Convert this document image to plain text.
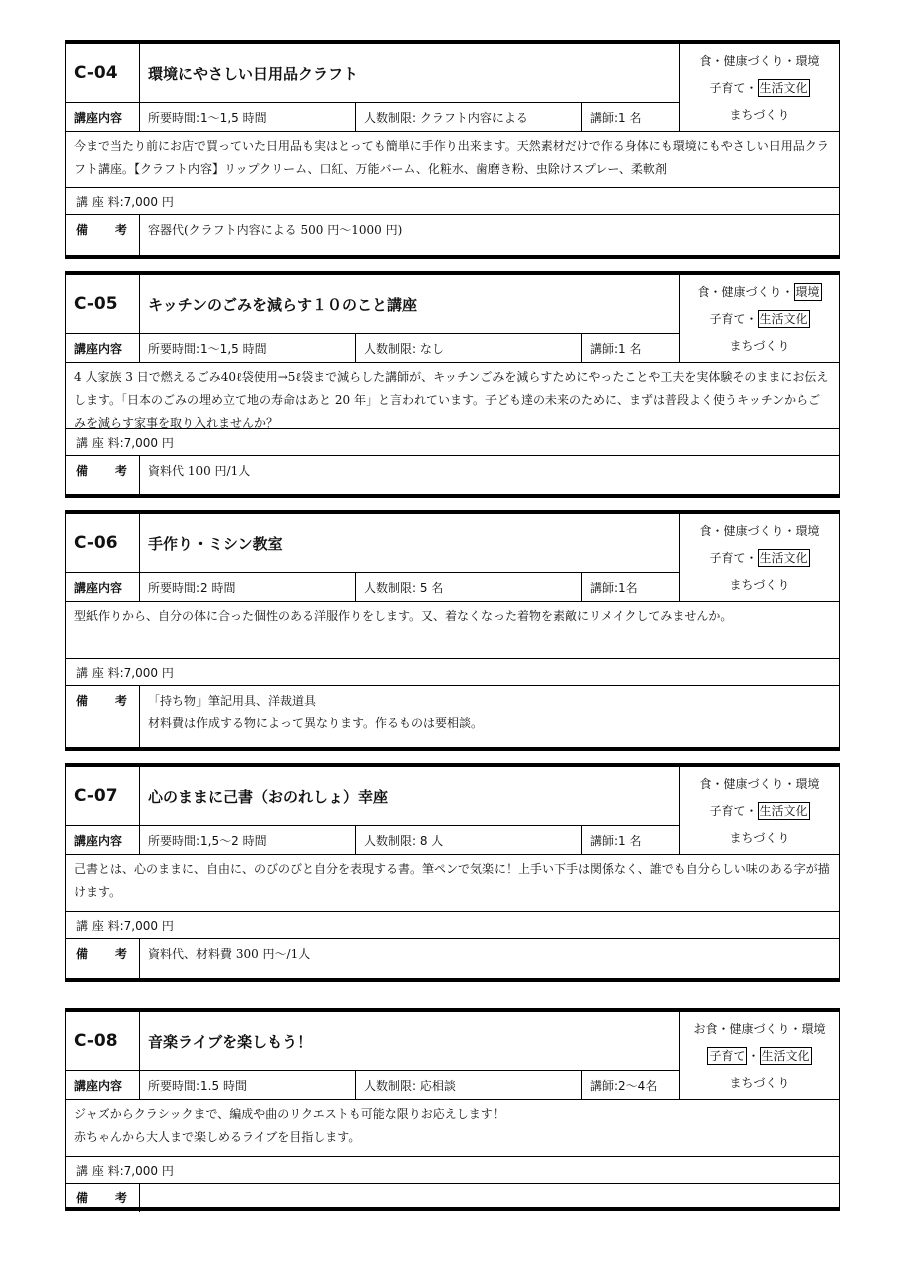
C-04	環境にやさしい日用品クラフト
講座内容	所要時間:1～1,5 時間	人数制限: クラフト内容による	講師:1 名
食・健康づくり・環境
子育て・ 生活文化
まちづくり
今まで当たり前にお店で買っていた日用品も実はとっても簡単に手作り出来ます。天然素材だけで作る身体にも環境にもやさしい日用品クラフト講座。【クラフト内容】リップクリーム、口紅、万能バーム、化粧水、歯磨き粉、虫除けスプレー、柔軟剤
講 座 料:7,000 円
備 考 容器代(クラフト内容による 500 円～1000 円)
C-05	キッチンのごみを減らす１０のこと講座
講座内容	所要時間:1～1,5 時間	人数制限: なし	講師:1 名
食・健康づくり・ 環境
子育て・ 生活文化
まちづくり
4 人家族 3 日で燃えるごみ40ℓ袋使用→5ℓ袋まで減らした講師が、キッチンごみを減らすためにやったことや工夫を実体験そのままにお伝えします。「日本のごみの埋め立て地の寿命はあと 20 年」と言われています。子ども達の未来のために、まずは普段よく使うキッチンからごみを減らす家事を取り入れませんか？
講 座 料:7,000 円
備 考 資料代 100 円/1人
C-06	手作り・ミシン教室
講座内容	所要時間:2 時間	人数制限: 5 名	講師:1名
食・健康づくり・環境
子育て・ 生活文化
まちづくり
型紙作りから、自分の体に合った個性のある洋服作りをします。又、着なくなった着物を素敵にリメイクしてみませんか。
講 座 料:7,000 円
備 考 「持ち物」筆記用具、洋裁道具
材料費は作成する物によって異なります。作るものは要相談。
C-07	心のままに己書（おのれしょ）幸座
講座内容	所要時間:1,5～2 時間	人数制限: 8 人	講師:1 名
食・健康づくり・環境
子育て・ 生活文化
まちづくり
己書とは、心のままに、自由に、のびのびと自分を表現する書。筆ペンで気楽に！上手い下手は関係なく、誰でも自分らしい味のある字が描けます。
講 座 料:7,000 円
備 考 資料代、材料費 300 円～/1人
C-08	音楽ライブを楽しもう！
講座内容	所要時間:1.5 時間	人数制限: 応相談	講師:2～4名
お食・健康づくり・環境
子育て ・ 生活文化
まちづくり
ジャズからクラシックまで、編成や曲のリクエストも可能な限りお応えします！
赤ちゃんから大人まで楽しめるライブを目指します。
講 座 料:7,000 円
備 考
